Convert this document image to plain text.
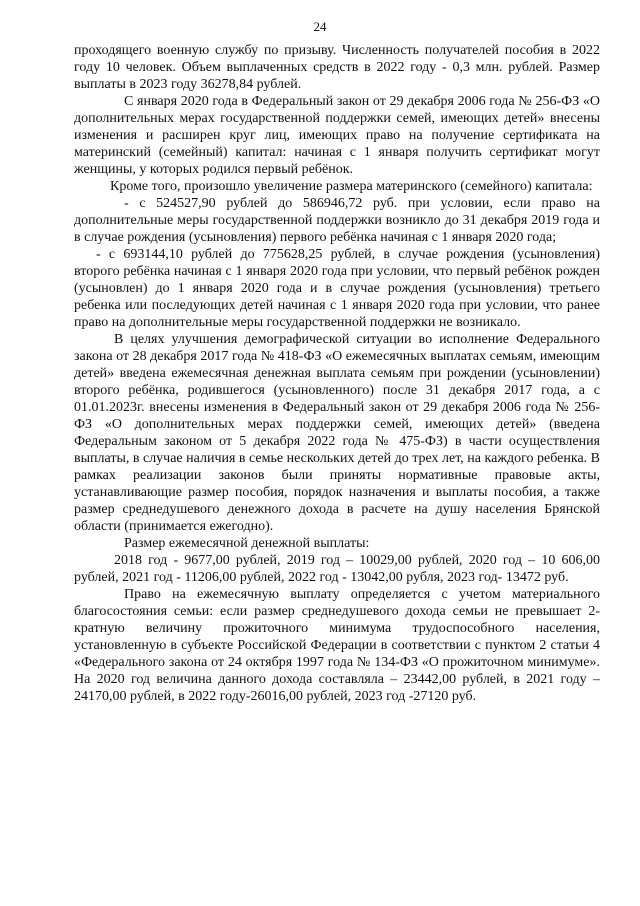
24

проходящего военную службу по призыву. Численность получателей пособия в 2022 году 10 человек. Объем выплаченных средств в 2022 году - 0,3 млн. рублей. Размер выплаты в 2023 году 36278,84 рублей.

С января 2020 года в Федеральный закон от 29 декабря 2006 года № 256-ФЗ «О дополнительных мерах государственной поддержки семей, имеющих детей» внесены изменения и расширен круг лиц, имеющих право на получение сертификата на материнский (семейный) капитал: начиная с 1 января получить сертификат могут женщины, у которых родился первый ребёнок.

Кроме того, произошло увеличение размера материнского (семейного) капитала:

- с 524527,90 рублей до 586946,72 руб. при условии, если право на дополнительные меры государственной поддержки возникло до 31 декабря 2019 года и в случае рождения (усыновления) первого ребёнка начиная с 1 января 2020 года;

- с 693144,10 рублей до 775628,25 рублей, в случае рождения (усыновления) второго ребёнка начиная с 1 января 2020 года при условии, что первый ребёнок рожден (усыновлен) до 1 января 2020 года и в случае рождения (усыновления) третьего ребенка или последующих детей начиная с 1 января 2020 года при условии, что ранее право на дополнительные меры государственной поддержки не возникало.

В целях улучшения демографической ситуации во исполнение Федерального закона от 28 декабря 2017 года № 418-ФЗ «О ежемесячных выплатах семьям, имеющим детей» введена ежемесячная денежная выплата семьям при рождении (усыновлении) второго ребёнка, родившегося (усыновленного) после 31 декабря 2017 года, а с 01.01.2023г. внесены изменения в Федеральный закон от 29 декабря 2006 года № 256-ФЗ «О дополнительных мерах поддержки семей, имеющих детей» (введена Федеральным законом от 5 декабря 2022 года № 475-ФЗ) в части осуществления выплаты, в случае наличия в семье нескольких детей до трех лет, на каждого ребенка. В рамках реализации законов были приняты нормативные правовые акты, устанавливающие размер пособия, порядок назначения и выплаты пособия, а также размер среднедушевого денежного дохода в расчете на душу населения Брянской области (принимается ежегодно).

Размер ежемесячной денежной выплаты:

2018 год - 9677,00 рублей, 2019 год – 10029,00 рублей, 2020 год – 10 606,00 рублей, 2021 год - 11206,00 рублей, 2022 год - 13042,00 рубля, 2023 год- 13472 руб.

Право на ежемесячную выплату определяется с учетом материального благосостояния семьи: если размер среднедушевого дохода семьи не превышает 2-кратную величину прожиточного минимума трудоспособного населения, установленную в субъекте Российской Федерации в соответствии с пунктом 2 статьи 4 «Федерального закона от 24 октября 1997 года № 134-ФЗ «О прожиточном минимуме». На 2020 год величина данного дохода составляла – 23442,00 рублей, в 2021 году – 24170,00 рублей, в 2022 году-26016,00 рублей, 2023 год -27120 руб.
